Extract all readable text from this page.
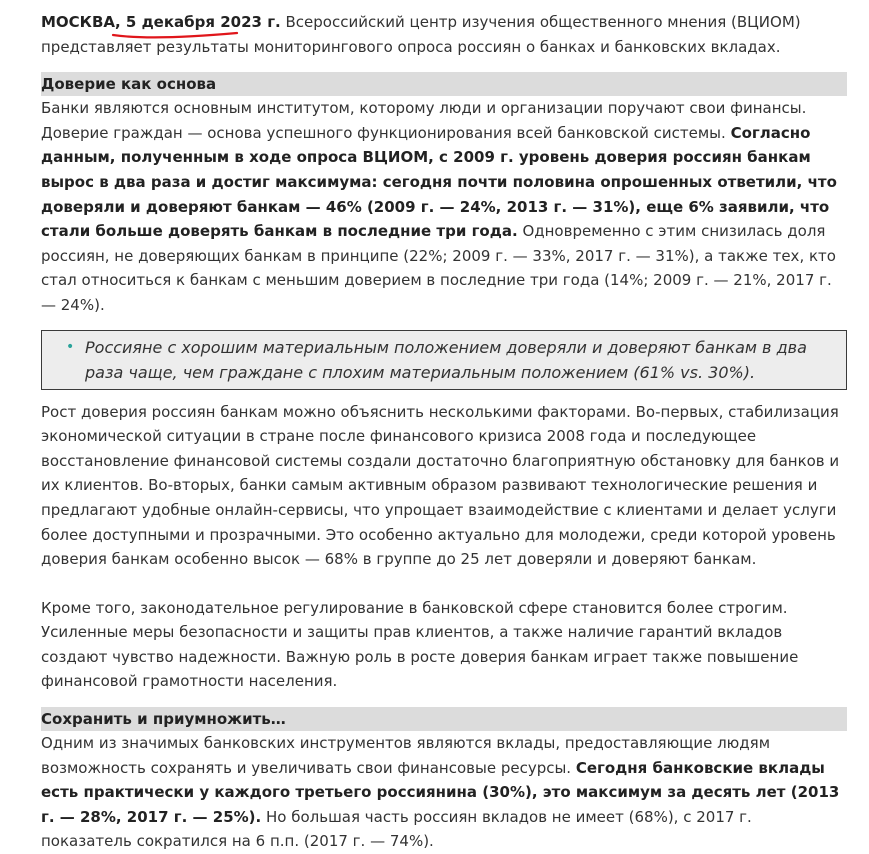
МОСКВА, 5 декабря 2023 г. Всероссийский центр изучения общественного мнения (ВЦИОМ) представляет результаты мониторингового опроса россиян о банках и банковских вкладах.

Доверие как основа

Банки являются основным институтом, которому люди и организации поручают свои финансы. Доверие граждан — основа успешного функционирования всей банковской системы. Согласно данным, полученным в ходе опроса ВЦИОМ, с 2009 г. уровень доверия россиян банкам вырос в два раза и достиг максимума: сегодня почти половина опрошенных ответили, что доверяли и доверяют банкам — 46% (2009 г. — 24%, 2013 г. — 31%), еще 6% заявили, что стали больше доверять банкам в последние три года. Одновременно с этим снизилась доля россиян, не доверяющих банкам в принципе (22%; 2009 г. — 33%, 2017 г. — 31%), а также тех, кто стал относиться к банкам с меньшим доверием в последние три года (14%; 2009 г. — 21%, 2017 г. — 24%).

• Россияне с хорошим материальным положением доверяли и доверяют банкам в два раза чаще, чем граждане с плохим материальным положением (61% vs. 30%).

Рост доверия россиян банкам можно объяснить несколькими факторами. Во-первых, стабилизация экономической ситуации в стране после финансового кризиса 2008 года и последующее восстановление финансовой системы создали достаточно благоприятную обстановку для банков и их клиентов. Во-вторых, банки самым активным образом развивают технологические решения и предлагают удобные онлайн-сервисы, что упрощает взаимодействие с клиентами и делает услуги более доступными и прозрачными. Это особенно актуально для молодежи, среди которой уровень доверия банкам особенно высок — 68% в группе до 25 лет доверяли и доверяют банкам.

Кроме того, законодательное регулирование в банковской сфере становится более строгим. Усиленные меры безопасности и защиты прав клиентов, а также наличие гарантий вкладов создают чувство надежности. Важную роль в росте доверия банкам играет также повышение финансовой грамотности населения.

Сохранить и приумножить…

Одним из значимых банковских инструментов являются вклады, предоставляющие людям возможность сохранять и увеличивать свои финансовые ресурсы. Сегодня банковские вклады есть практически у каждого третьего россиянина (30%), это максимум за десять лет (2013 г. — 28%, 2017 г. — 25%). Но большая часть россиян вкладов не имеет (68%), с 2017 г. показатель сократился на 6 п.п. (2017 г. — 74%).
